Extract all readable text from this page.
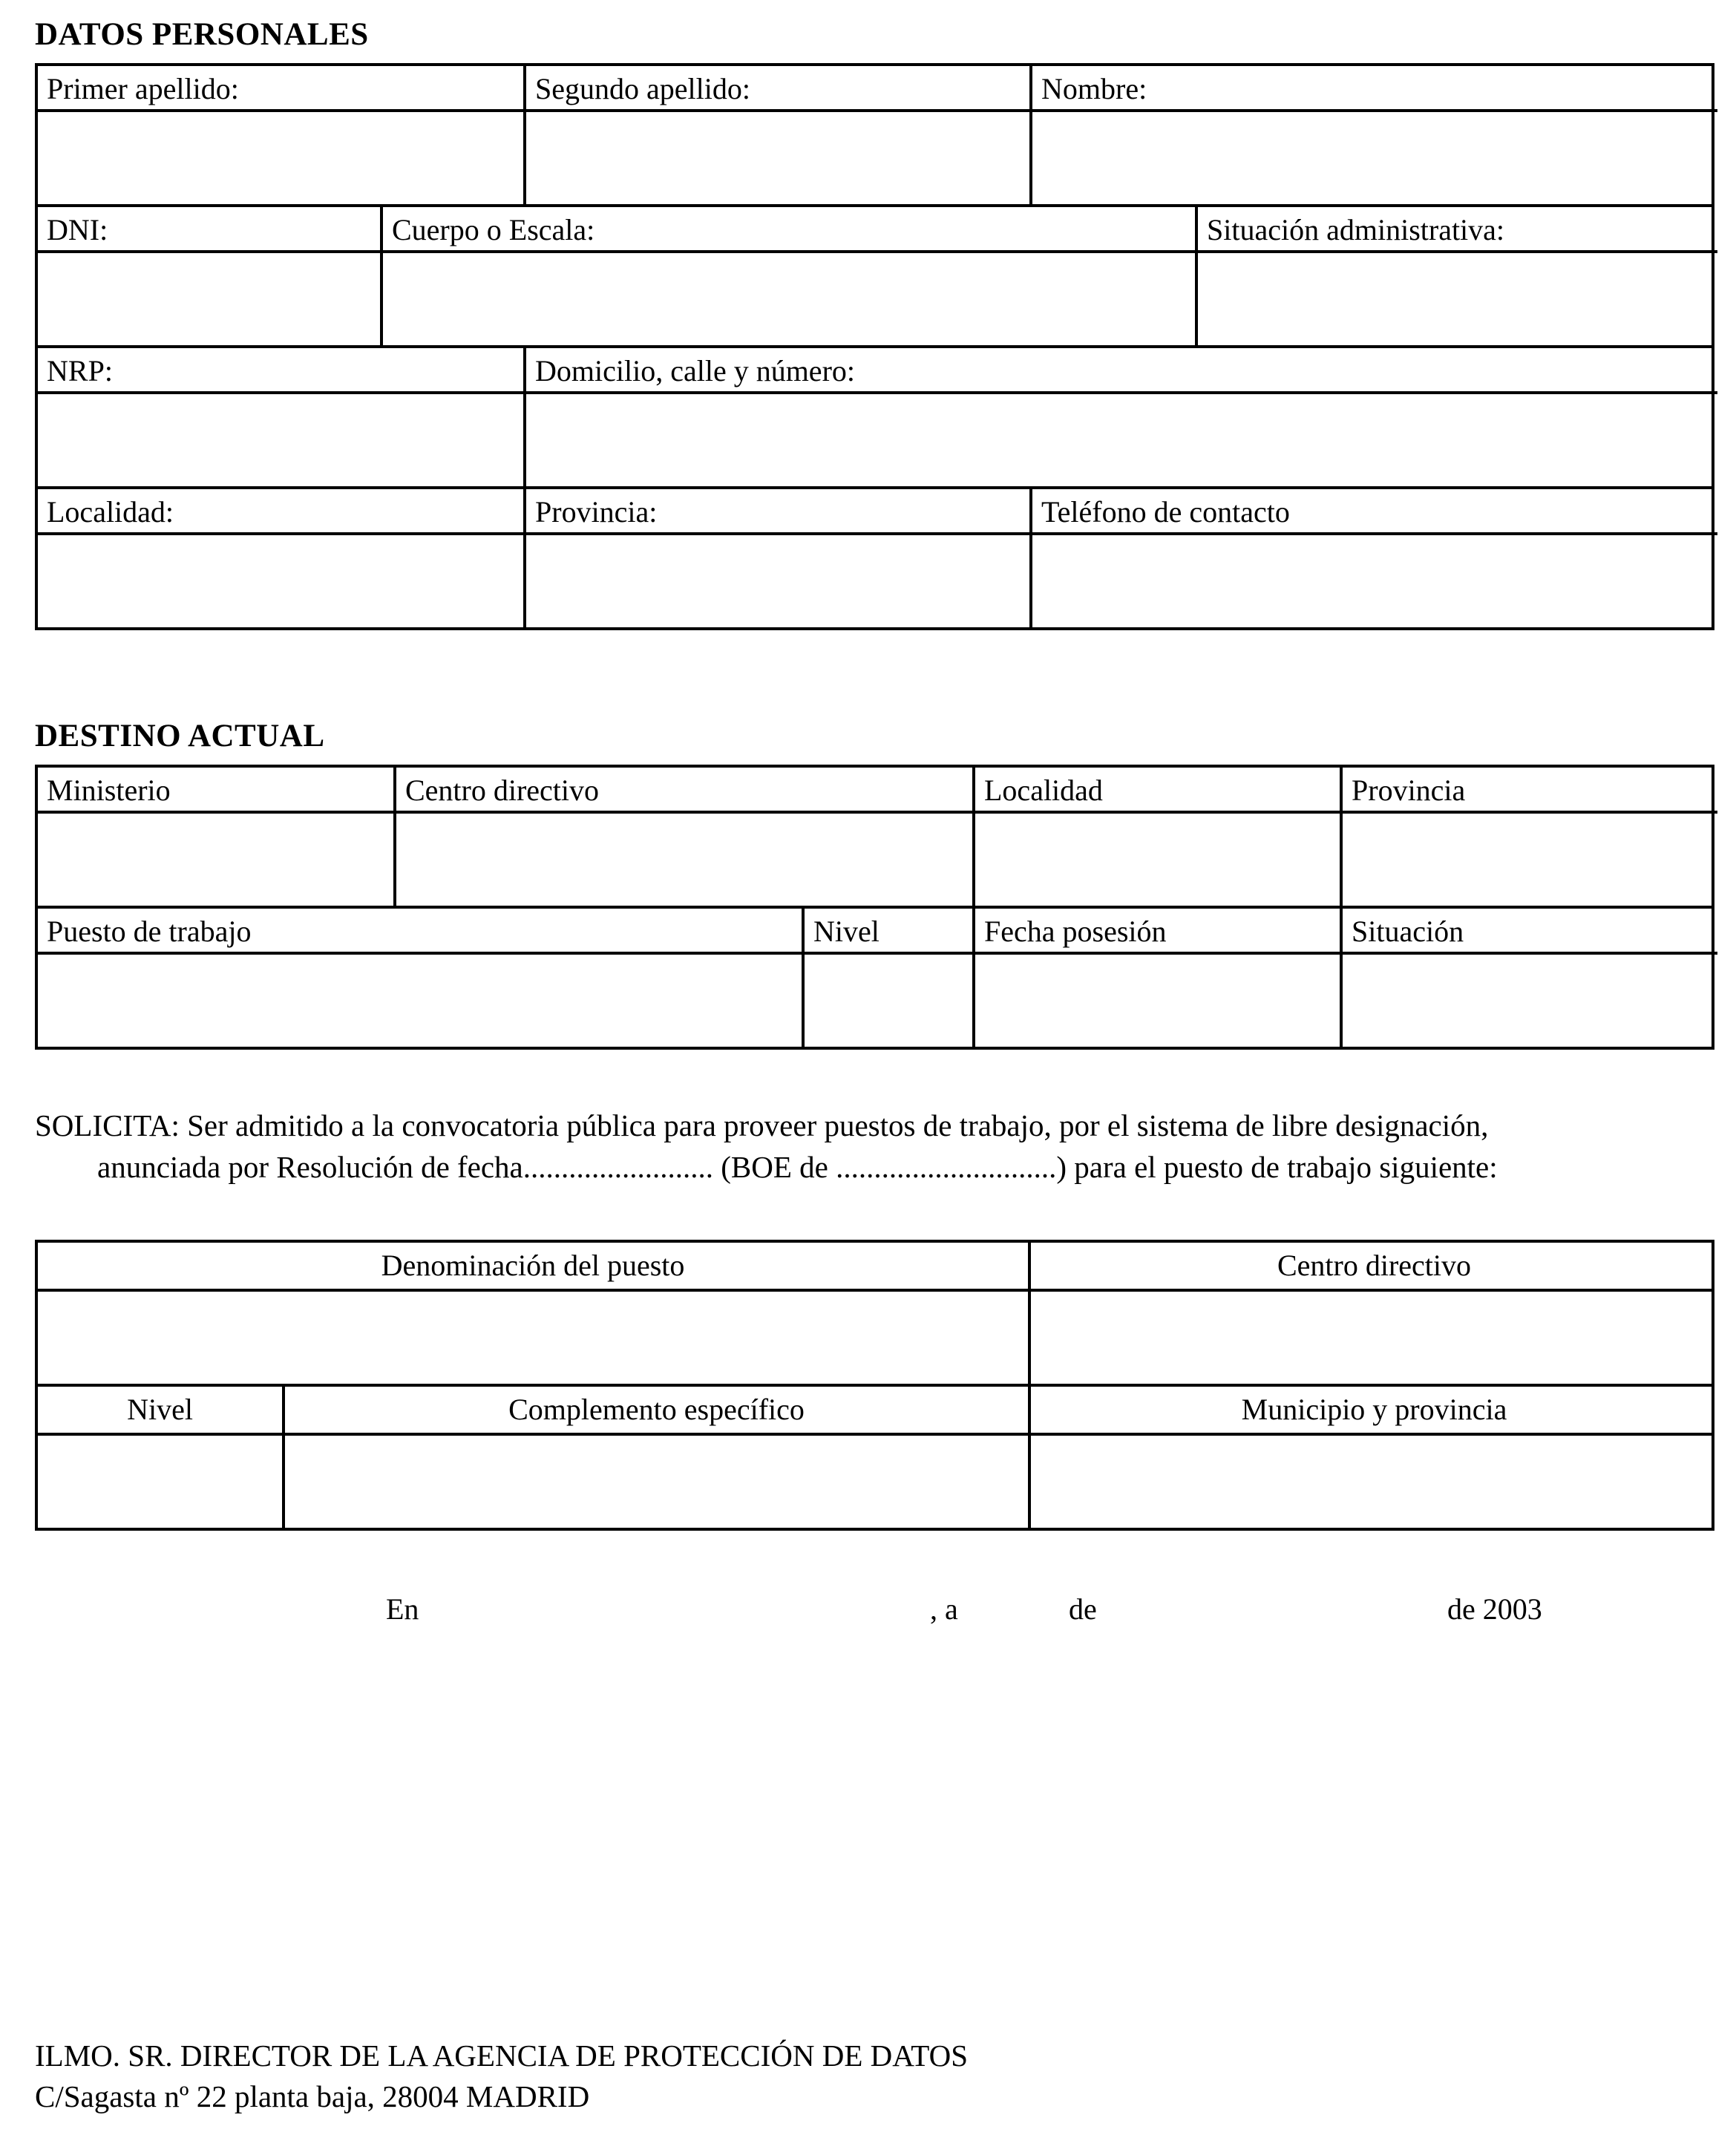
DATOS PERSONALES
Primer apellido:	Segundo apellido:	Nombre:
DNI:	Cuerpo o Escala:	Situación administrativa:
NRP:	Domicilio, calle y número:
Localidad:	Provincia:	Teléfono de contacto
DESTINO ACTUAL
Ministerio	Centro directivo	Localidad	Provincia
Puesto de trabajo	Nivel	Fecha posesión	Situación
SOLICITA: Ser admitido a la convocatoria pública para proveer puestos de trabajo, por el sistema de libre designación,
anunciada por Resolución de fecha......................... (BOE de .............................) para el puesto de trabajo siguiente:
Denominación del puesto	Centro directivo
Nivel	Complemento específico	Municipio y provincia
En	, a	de	de 2003
ILMO. SR. DIRECTOR DE LA AGENCIA DE PROTECCIÓN DE DATOS
C/Sagasta nº 22 planta baja, 28004 MADRID
